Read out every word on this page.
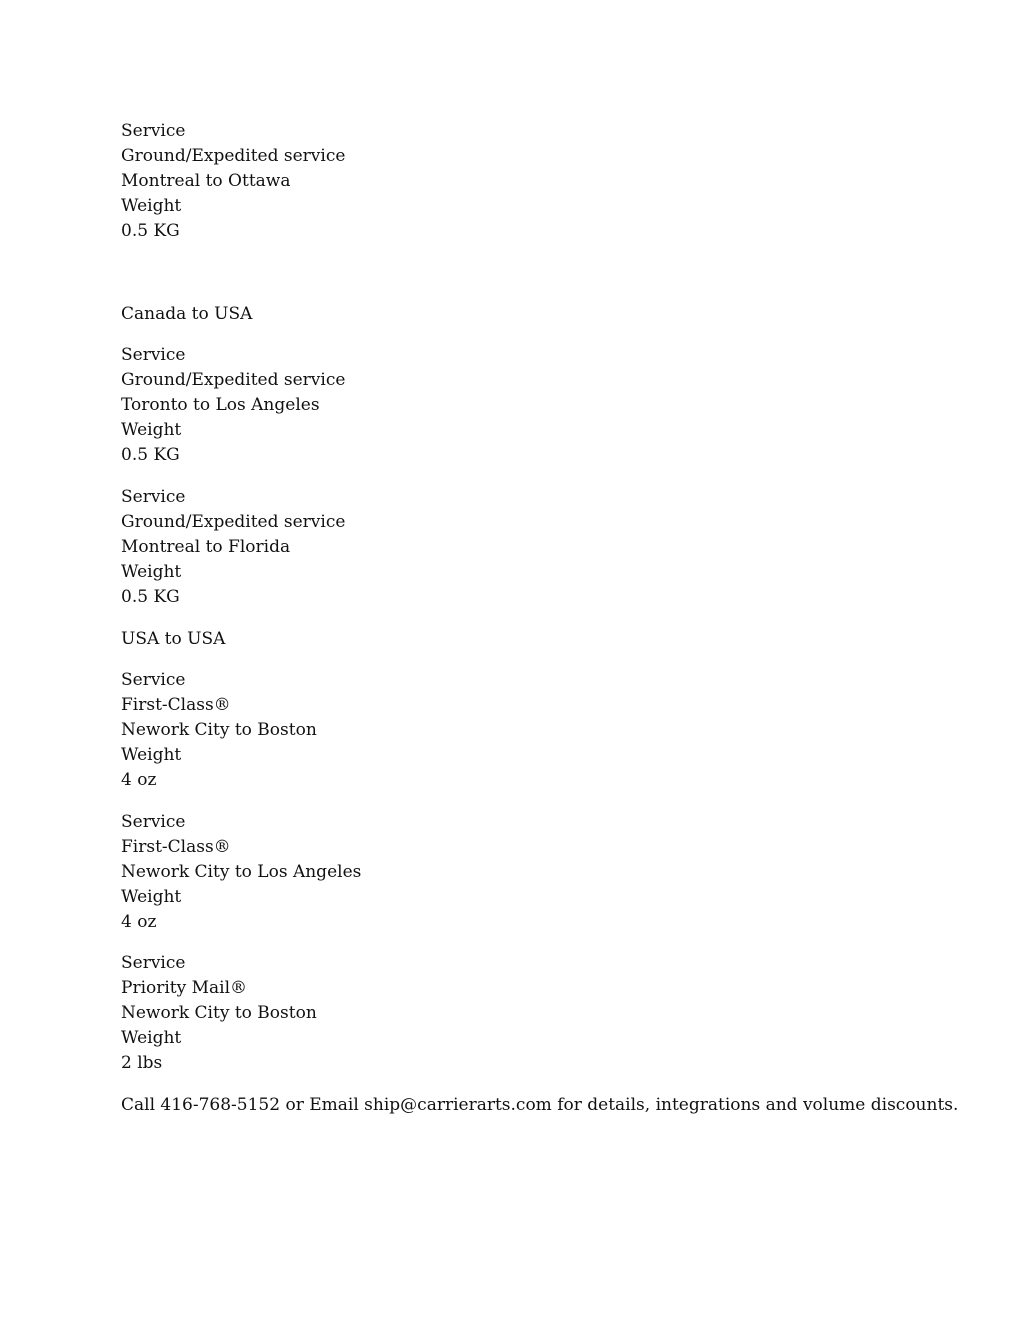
Service
Ground/Expedited service
Montreal to Ottawa
Weight
0.5 KG
Canada to USA
Service
Ground/Expedited service
Toronto to Los Angeles
Weight
0.5 KG
Service
Ground/Expedited service
Montreal to Florida
Weight
0.5 KG
USA to USA
Service
First-Class®
Nework City to Boston
Weight
4 oz
Service
First-Class®
Nework City to Los Angeles
Weight
4 oz
Service
Priority Mail®
Nework City to Boston
Weight
2 lbs
Call 416-768-5152 or Email ship@carrierarts.com for details, integrations and volume discounts.
